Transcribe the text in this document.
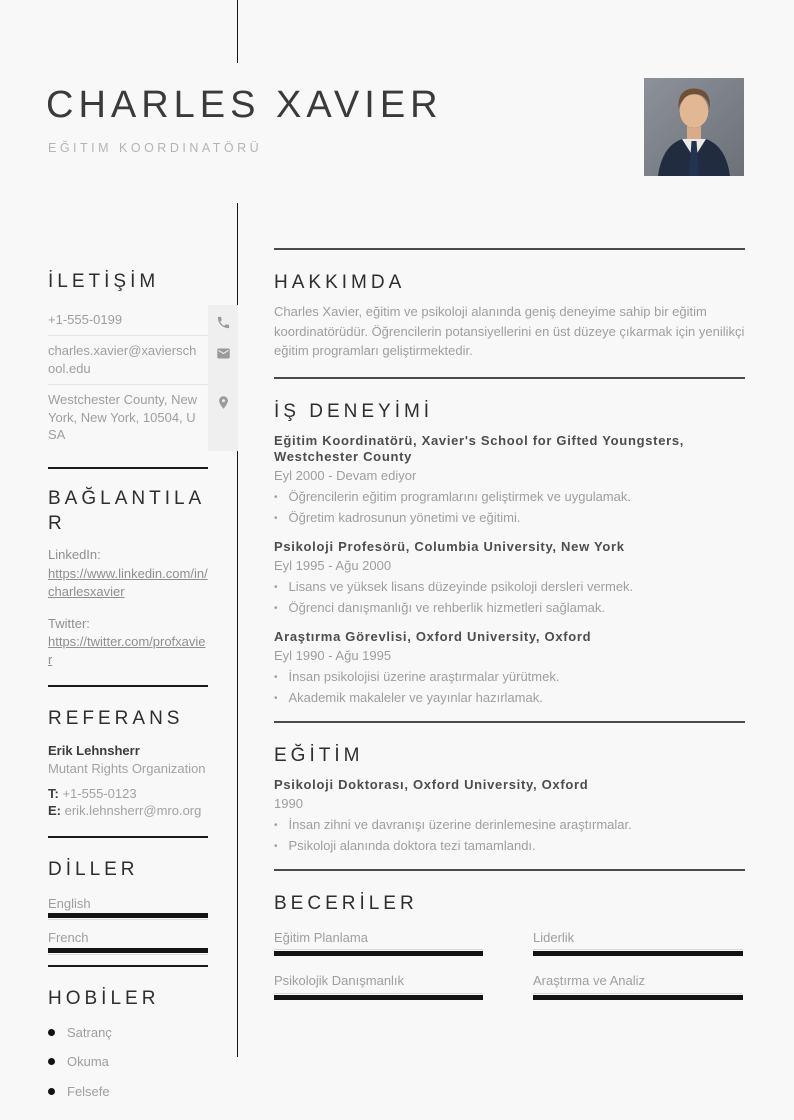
CHARLES XAVIER
EĞITIM KOORDINATÖRÜ
İLETİŞİM
+1-555-0199
charles.xavier@xavierschool.edu
Westchester County, New York, New York, 10504, USA
BAĞLANTILAR
LinkedIn:
https://www.linkedin.com/in/charlesxavier
Twitter:
https://twitter.com/profxavier
REFERANS
Erik Lehnsherr
Mutant Rights Organization
T: +1-555-0123
E: erik.lehnsherr@mro.org
DİLLER
English
French
HOBİLER
Satranç
Okuma
Felsefe
HAKKIMDA

Charles Xavier, eğitim ve psikoloji alanında geniş deneyime sahip bir eğitim koordinatörüdür. Öğrencilerin potansiyellerini en üst düzeye çıkarmak için yenilikçi eğitim programları geliştirmektedir.

İŞ DENEYİMİ
Eğitim Koordinatörü, Xavier's School for Gifted Youngsters, Westchester County
Eyl 2000 - Devam ediyor
• Öğrencilerin eğitim programlarını geliştirmek ve uygulamak.
• Öğretim kadrosunun yönetimi ve eğitimi.
Psikoloji Profesörü, Columbia University, New York
Eyl 1995 - Ağu 2000
• Lisans ve yüksek lisans düzeyinde psikoloji dersleri vermek.
• Öğrenci danışmanlığı ve rehberlik hizmetleri sağlamak.
Araştırma Görevlisi, Oxford University, Oxford
Eyl 1990 - Ağu 1995
• İnsan psikolojisi üzerine araştırmalar yürütmek.
• Akademik makaleler ve yayınlar hazırlamak.
EĞİTİM
Psikoloji Doktorası, Oxford University, Oxford
1990
• İnsan zihni ve davranışı üzerine derinlemesine araştırmalar.
• Psikoloji alanında doktora tezi tamamlandı.
BECERİLER
Eğitim Planlama	Liderlik
Psikolojik Danışmanlık	Araştırma ve Analiz
